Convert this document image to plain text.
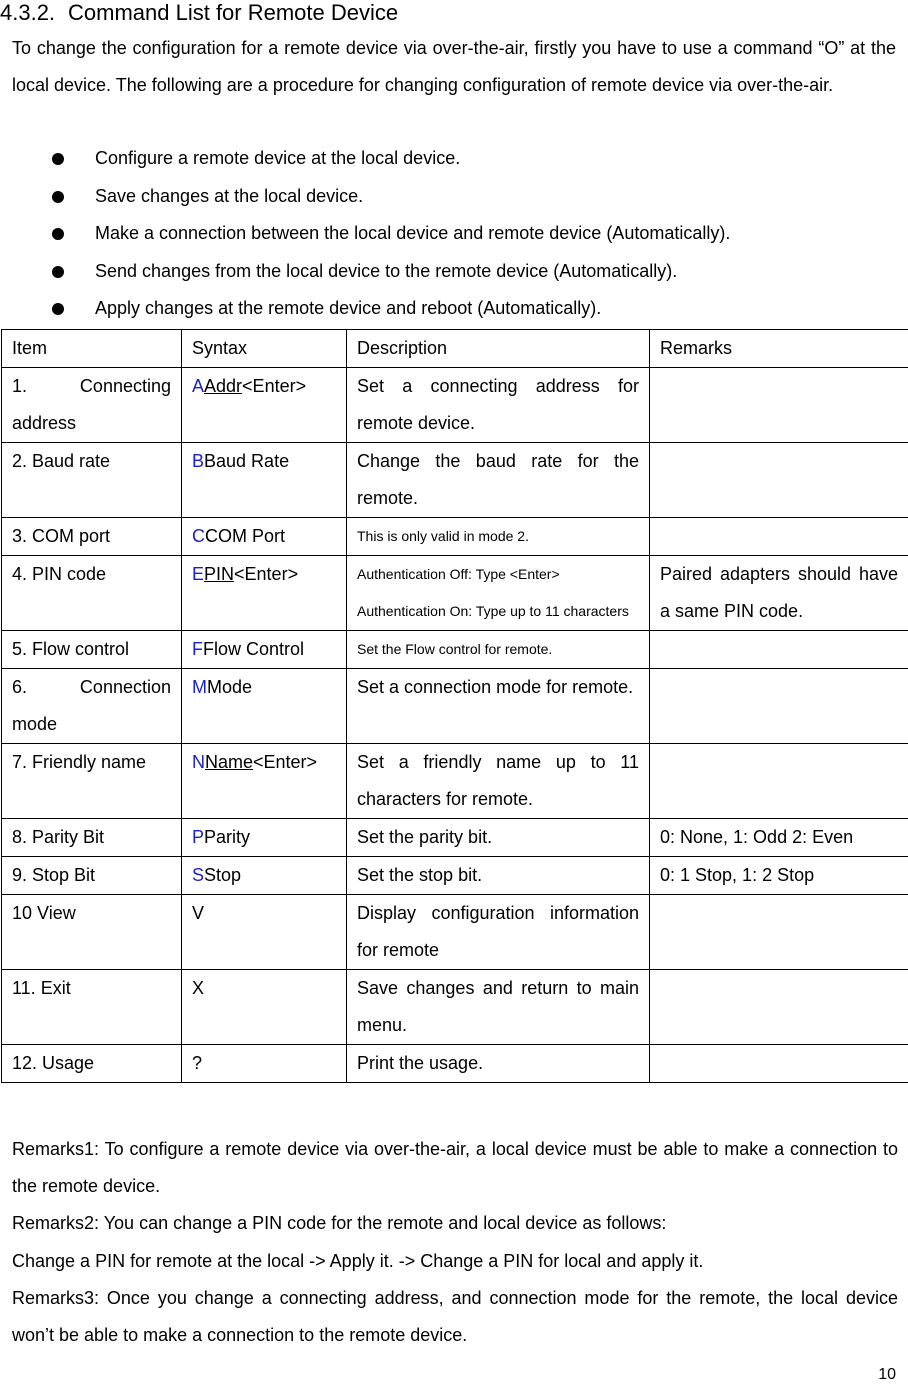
4.3.2. Command List for Remote Device
To change the configuration for a remote device via over-the-air, firstly you have to use a command “O” at the local device. The following are a procedure for changing configuration of remote device via over-the-air.
Configure a remote device at the local device.
Save changes at the local device.
Make a connection between the local device and remote device (Automatically).
Send changes from the local device to the remote device (Automatically).
Apply changes at the remote device and reboot (Automatically).
Item	Syntax	Description	Remarks
1. Connecting address	AAddr<Enter>	Set a connecting address for remote device.	
2. Baud rate	BBaud Rate	Change the baud rate for the remote.	
3. COM port	CCOM Port	This is only valid in mode 2.	
4. PIN code	EPIN<Enter>	Authentication Off: Type <Enter>
Authentication On: Type up to 11 characters	Paired adapters should have a same PIN code.
5. Flow control	FFlow Control	Set the Flow control for remote.	
6. Connection mode	MMode	Set a connection mode for remote.	
7. Friendly name	NName<Enter>	Set a friendly name up to 11 characters for remote.	
8. Parity Bit	PParity	Set the parity bit.	0: None, 1: Odd 2: Even
9. Stop Bit	SStop	Set the stop bit.	0: 1 Stop, 1: 2 Stop
10 View	V	Display configuration information for remote	
11. Exit	X	Save changes and return to main menu.	
12. Usage	?	Print the usage.	
Remarks1: To configure a remote device via over-the-air, a local device must be able to make a connection to the remote device.
Remarks2: You can change a PIN code for the remote and local device as follows:
Change a PIN for remote at the local -> Apply it. -> Change a PIN for local and apply it.
Remarks3: Once you change a connecting address, and connection mode for the remote, the local device won’t be able to make a connection to the remote device.
10
